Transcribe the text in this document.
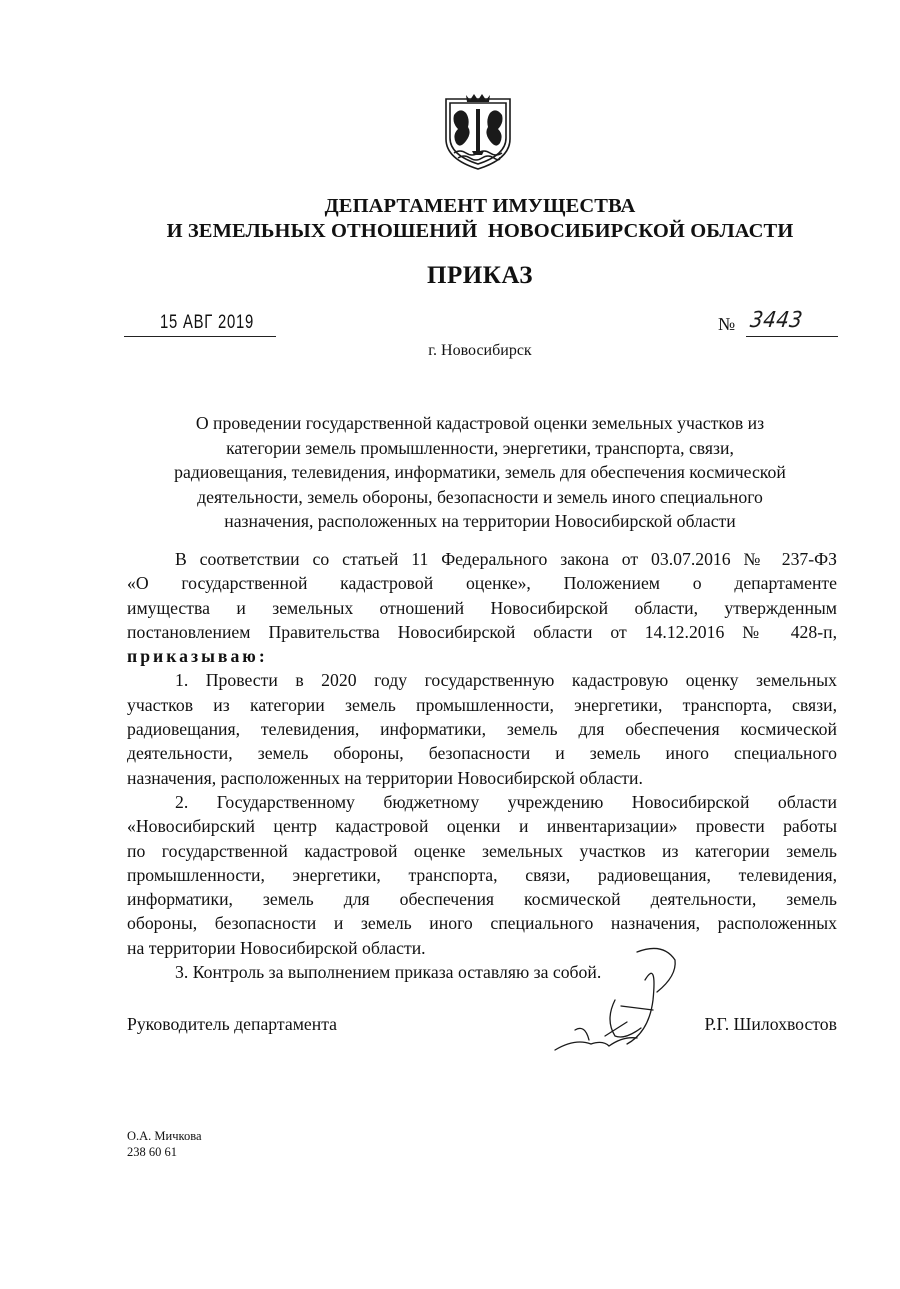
ДЕПАРТАМЕНТ ИМУЩЕСТВА
И ЗЕМЕЛЬНЫХ ОТНОШЕНИЙ  НОВОСИБИРСКОЙ ОБЛАСТИ
ПРИКАЗ
15 АВГ 2019	№ 3443
г. Новосибирск
О проведении государственной кадастровой оценки земельных участков из
категории земель промышленности, энергетики, транспорта, связи,
радиовещания, телевидения, информатики, земель для обеспечения космической
деятельности, земель обороны, безопасности и земель иного специального
назначения, расположенных на территории Новосибирской области
В соответствии со статьей 11 Федерального закона от 03.07.2016 № 237-ФЗ
«О государственной кадастровой оценке», Положением о департаменте
имущества и земельных отношений Новосибирской области, утвержденным
постановлением Правительства Новосибирской области от 14.12.2016 № 428-п,
приказываю:
1. Провести в 2020 году государственную кадастровую оценку земельных
участков из категории земель промышленности, энергетики, транспорта, связи,
радиовещания, телевидения, информатики, земель для обеспечения космической
деятельности, земель обороны, безопасности и земель иного специального
назначения, расположенных на территории Новосибирской области.
2. Государственному бюджетному учреждению Новосибирской области
«Новосибирский центр кадастровой оценки и инвентаризации» провести работы
по государственной кадастровой оценке земельных участков из категории земель
промышленности, энергетики, транспорта, связи, радиовещания, телевидения,
информатики, земель для обеспечения космической деятельности, земель
обороны, безопасности и земель иного специального назначения, расположенных
на территории Новосибирской области.
3. Контроль за выполнением приказа оставляю за собой.
Руководитель департамента	Р.Г. Шилохвостов
О.А. Мичкова
238 60 61
